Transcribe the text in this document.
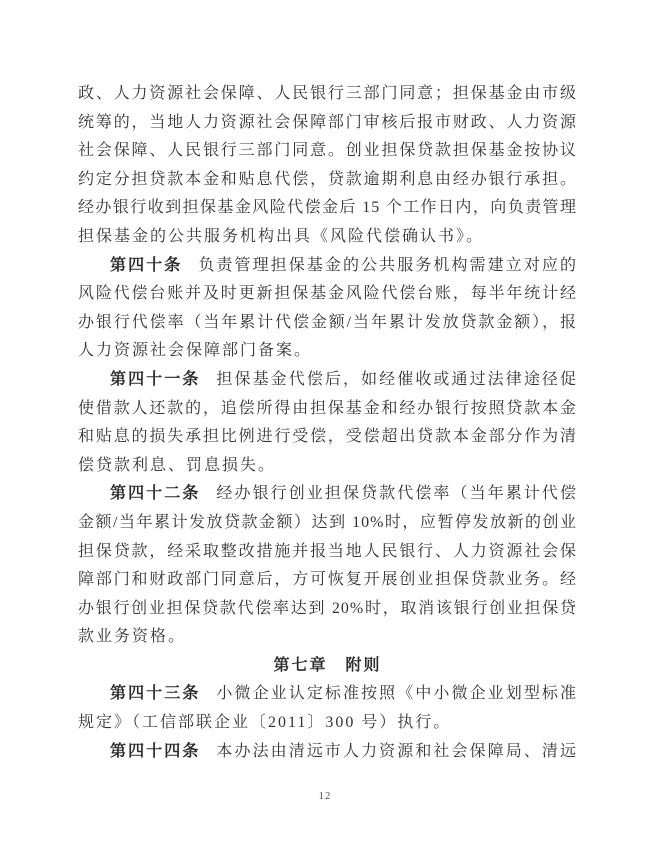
政、人力资源社会保障、人民银行三部门同意；担保基金由市级
统筹的，当地人力资源社会保障部门审核后报市财政、人力资源
社会保障、人民银行三部门同意。创业担保贷款担保基金按协议
约定分担贷款本金和贴息代偿，贷款逾期利息由经办银行承担。
经办银行收到担保基金风险代偿金后 15 个工作日内，向负责管理
担保基金的公共服务机构出具《风险代偿确认书》。
第四十条 负责管理担保基金的公共服务机构需建立对应的
风险代偿台账并及时更新担保基金风险代偿台账，每半年统计经
办银行代偿率（当年累计代偿金额/当年累计发放贷款金额），报
人力资源社会保障部门备案。
第四十一条 担保基金代偿后，如经催收或通过法律途径促
使借款人还款的，追偿所得由担保基金和经办银行按照贷款本金
和贴息的损失承担比例进行受偿，受偿超出贷款本金部分作为清
偿贷款利息、罚息损失。
第四十二条 经办银行创业担保贷款代偿率（当年累计代偿
金额/当年累计发放贷款金额）达到 10%时，应暂停发放新的创业
担保贷款，经采取整改措施并报当地人民银行、人力资源社会保
障部门和财政部门同意后，方可恢复开展创业担保贷款业务。经
办银行创业担保贷款代偿率达到 20%时，取消该银行创业担保贷
款业务资格。
第七章　附则
第四十三条 小微企业认定标准按照《中小微企业划型标准
规定》（工信部联企业〔2011〕300 号）执行。
第四十四条 本办法由清远市人力资源和社会保障局、清远
12
